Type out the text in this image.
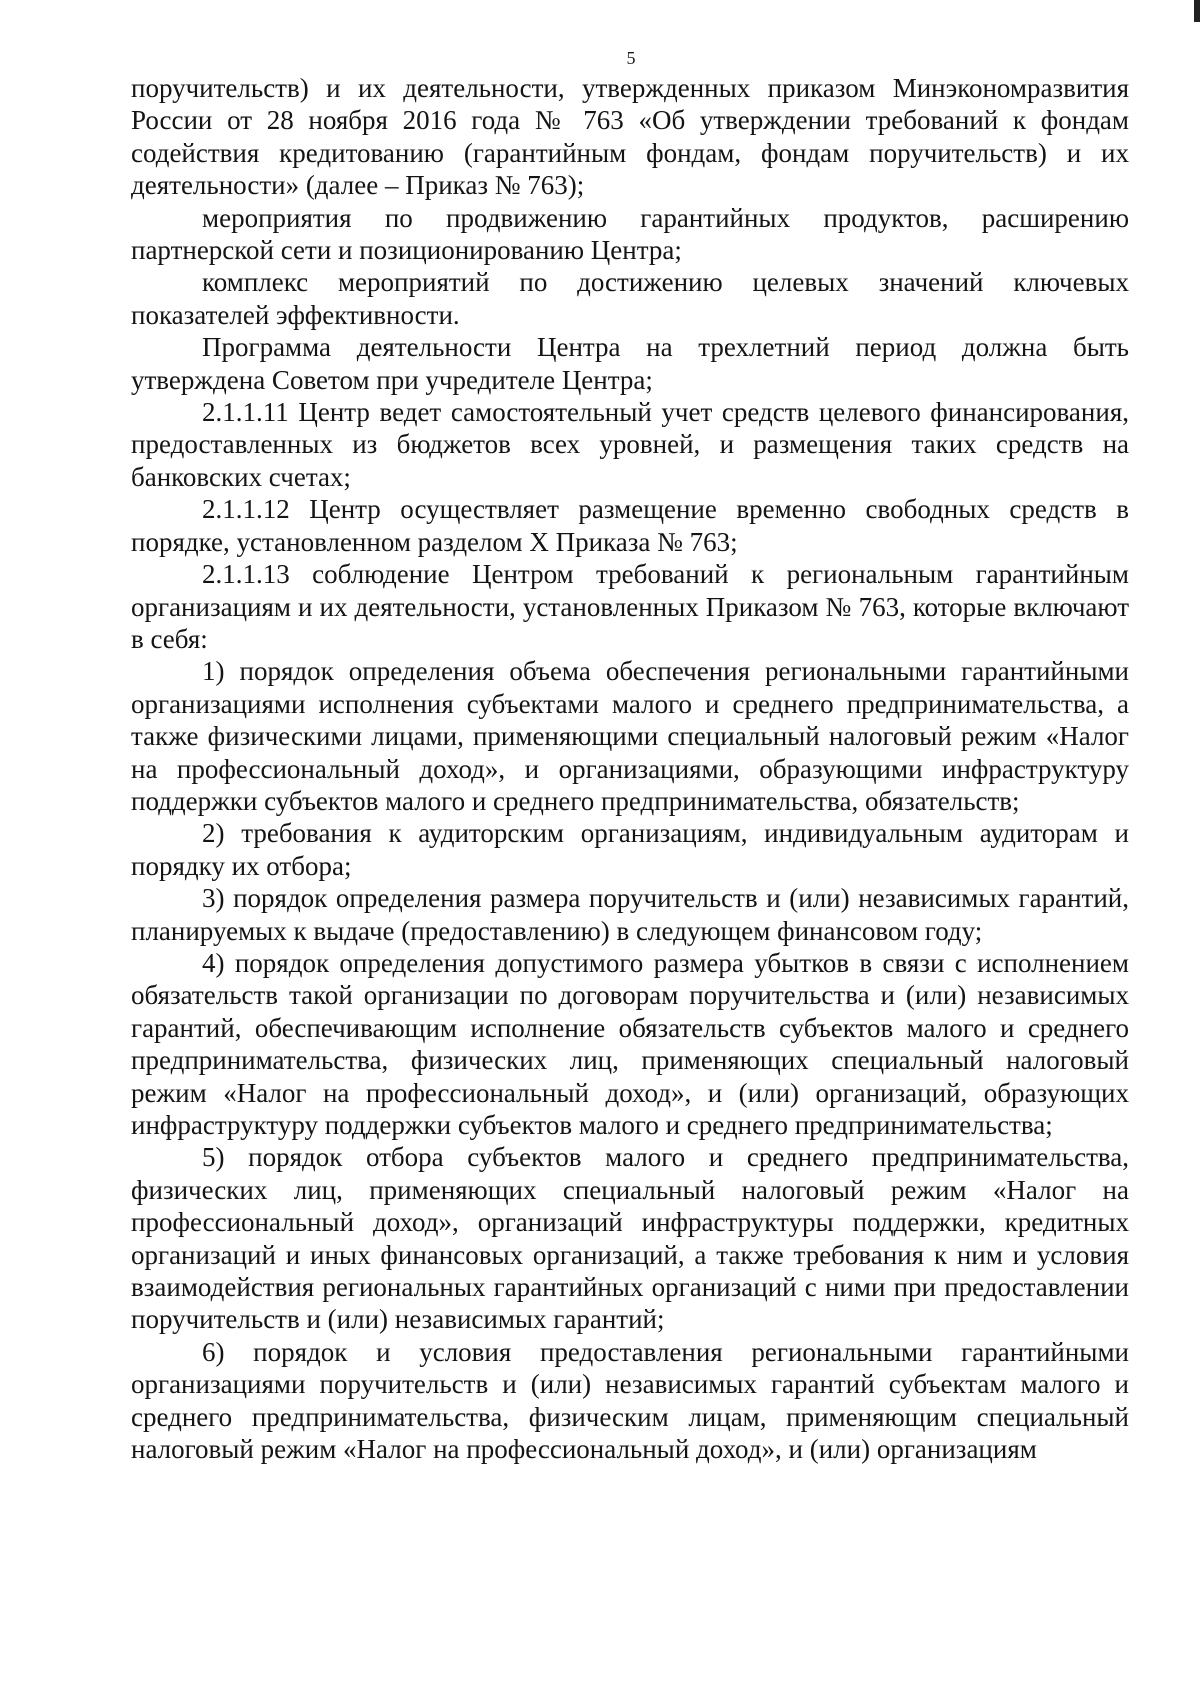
5

поручительств) и их деятельности, утвержденных приказом Минэкономразвития России от 28 ноября 2016 года № 763 «Об утверждении требований к фондам содействия кредитованию (гарантийным фондам, фондам поручительств) и их деятельности» (далее – Приказ № 763);

мероприятия по продвижению гарантийных продуктов, расширению партнерской сети и позиционированию Центра;

комплекс мероприятий по достижению целевых значений ключевых показателей эффективности.

Программа деятельности Центра на трехлетний период должна быть утверждена Советом при учредителе Центра;

2.1.1.11 Центр ведет самостоятельный учет средств целевого финансирования, предоставленных из бюджетов всех уровней, и размещения таких средств на банковских счетах;

2.1.1.12 Центр осуществляет размещение временно свободных средств в порядке, установленном разделом X Приказа № 763;

2.1.1.13 соблюдение Центром требований к региональным гарантийным организациям и их деятельности, установленных Приказом № 763, которые включают в себя:

1) порядок определения объема обеспечения региональными гарантийными организациями исполнения субъектами малого и среднего предпринимательства, а также физическими лицами, применяющими специальный налоговый режим «Налог на профессиональный доход», и организациями, образующими инфраструктуру поддержки субъектов малого и среднего предпринимательства, обязательств;

2) требования к аудиторским организациям, индивидуальным аудиторам и порядку их отбора;

3) порядок определения размера поручительств и (или) независимых гарантий, планируемых к выдаче (предоставлению) в следующем финансовом году;

4) порядок определения допустимого размера убытков в связи с исполнением обязательств такой организации по договорам поручительства и (или) независимых гарантий, обеспечивающим исполнение обязательств субъектов малого и среднего предпринимательства, физических лиц, применяющих специальный налоговый режим «Налог на профессиональный доход», и (или) организаций, образующих инфраструктуру поддержки субъектов малого и среднего предпринимательства;

5) порядок отбора субъектов малого и среднего предпринимательства, физических лиц, применяющих специальный налоговый режим «Налог на профессиональный доход», организаций инфраструктуры поддержки, кредитных организаций и иных финансовых организаций, а также требования к ним и условия взаимодействия региональных гарантийных организаций с ними при предоставлении поручительств и (или) независимых гарантий;

6) порядок и условия предоставления региональными гарантийными организациями поручительств и (или) независимых гарантий субъектам малого и среднего предпринимательства, физическим лицам, применяющим специальный налоговый режим «Налог на профессиональный доход», и (или) организациям
